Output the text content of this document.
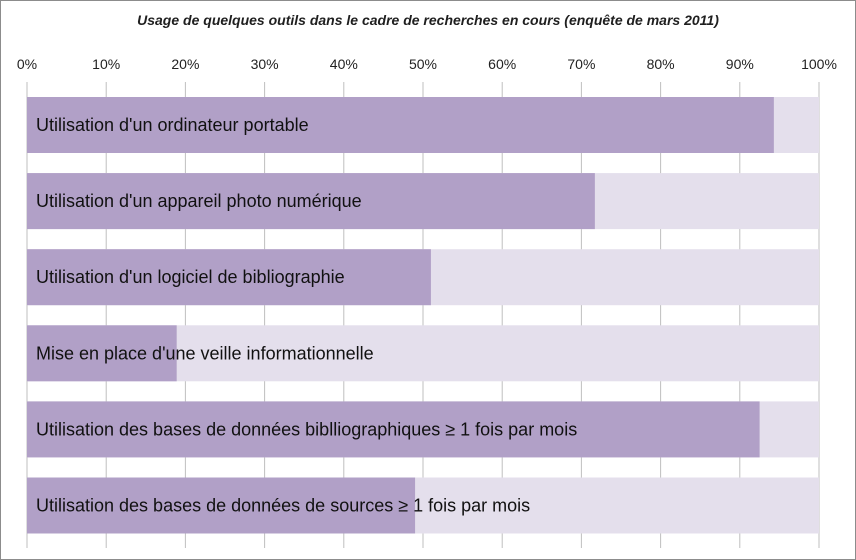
Usage de quelques outils dans le cadre de recherches en cours (enquête de mars 2011)
0%	10%	20%	30%	40%	50%	60%	70%	80%	90%	100%
Utilisation d'un ordinateur portable
Utilisation d'un appareil photo numérique
Utilisation d'un logiciel de bibliographie
Mise en place d'une veille informationnelle
Utilisation des bases de données biblliographiques ≥ 1 fois par mois
Utilisation des bases de données de sources ≥ 1 fois par mois
